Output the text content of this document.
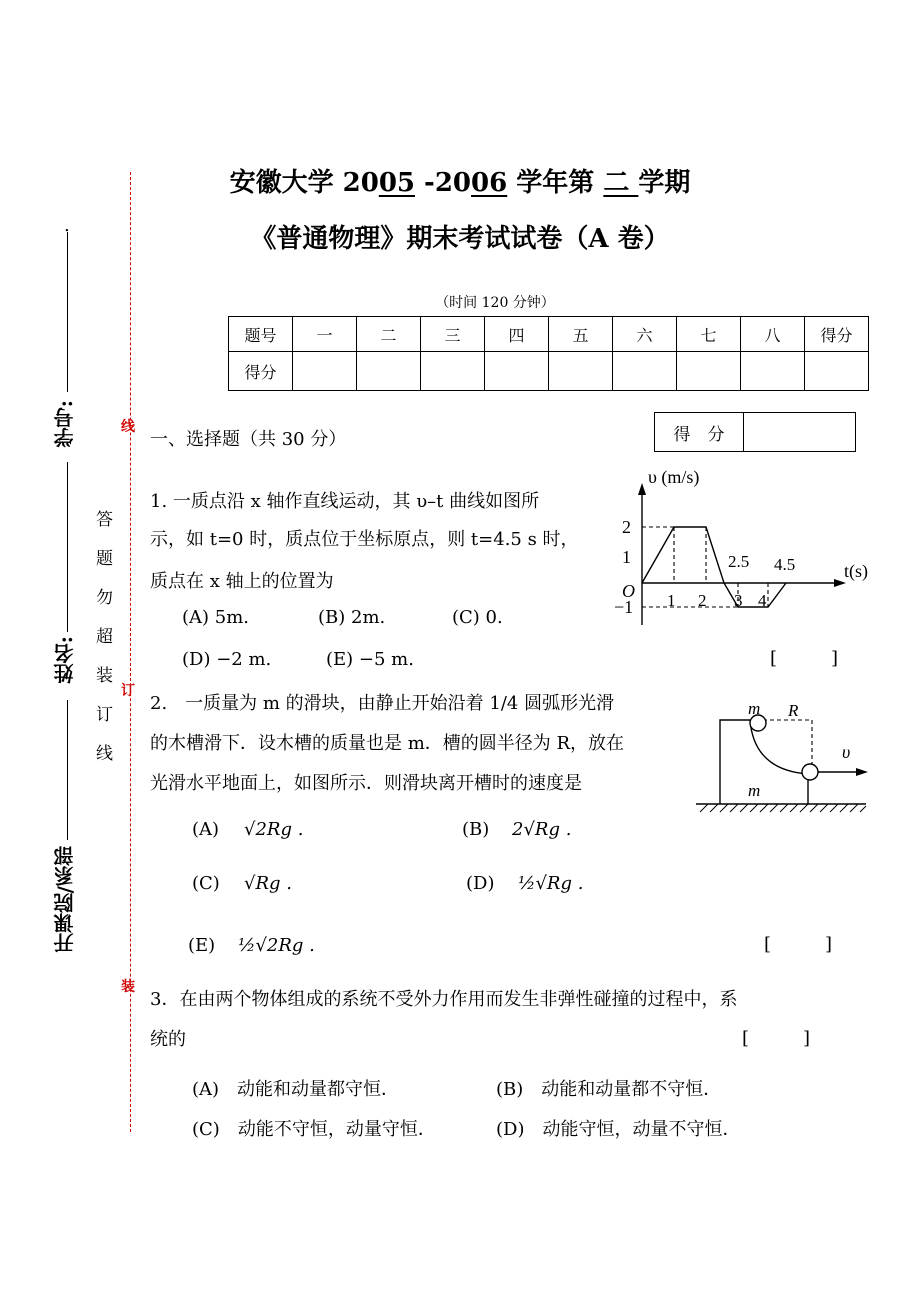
安徽大学 2005 -2006 学年第 二 学期
《普通物理》期末考试试卷（A 卷）
（时间 120 分钟）
题号	一	二	三	四	五	六	七	八	得分
得分									
线
订
装
.
学号:
姓名:
开课院/系部
答题勿超装订线
一、选择题（共 30 分）	得　分
1. 一质点沿 x 轴作直线运动，其 υ–t 曲线如图所
示，如 t=0 时，质点位于坐标原点，则 t=4.5 s 时，
质点在 x 轴上的位置为
(A) 5m.	(B) 2m.	(C) 0.
(D) −2 m.	(E) −5 m.	[　　　]
υ (m/s)
t(s)
O
2
1
−1 1 2
2.5
3 4
4.5
2.　一质量为 m 的滑块，由静止开始沿着 1/4 圆弧形光滑
的木槽滑下．设木槽的质量也是 m．槽的圆半径为 R，放在
光滑水平地面上，如图所示．则滑块离开槽时的速度是
(A) √2Rg .	(B) 2√Rg .
(C) √Rg .	(D) ½√Rg .
(E) ½√2Rg .	[　　　]
m R
υ
m
3．在由两个物体组成的系统不受外力作用而发生非弹性碰撞的过程中，系
统的	[　　　]
(A)　动能和动量都守恒．	(B)　动能和动量都不守恒．
(C)　动能不守恒，动量守恒．	(D)　动能守恒，动量不守恒．
